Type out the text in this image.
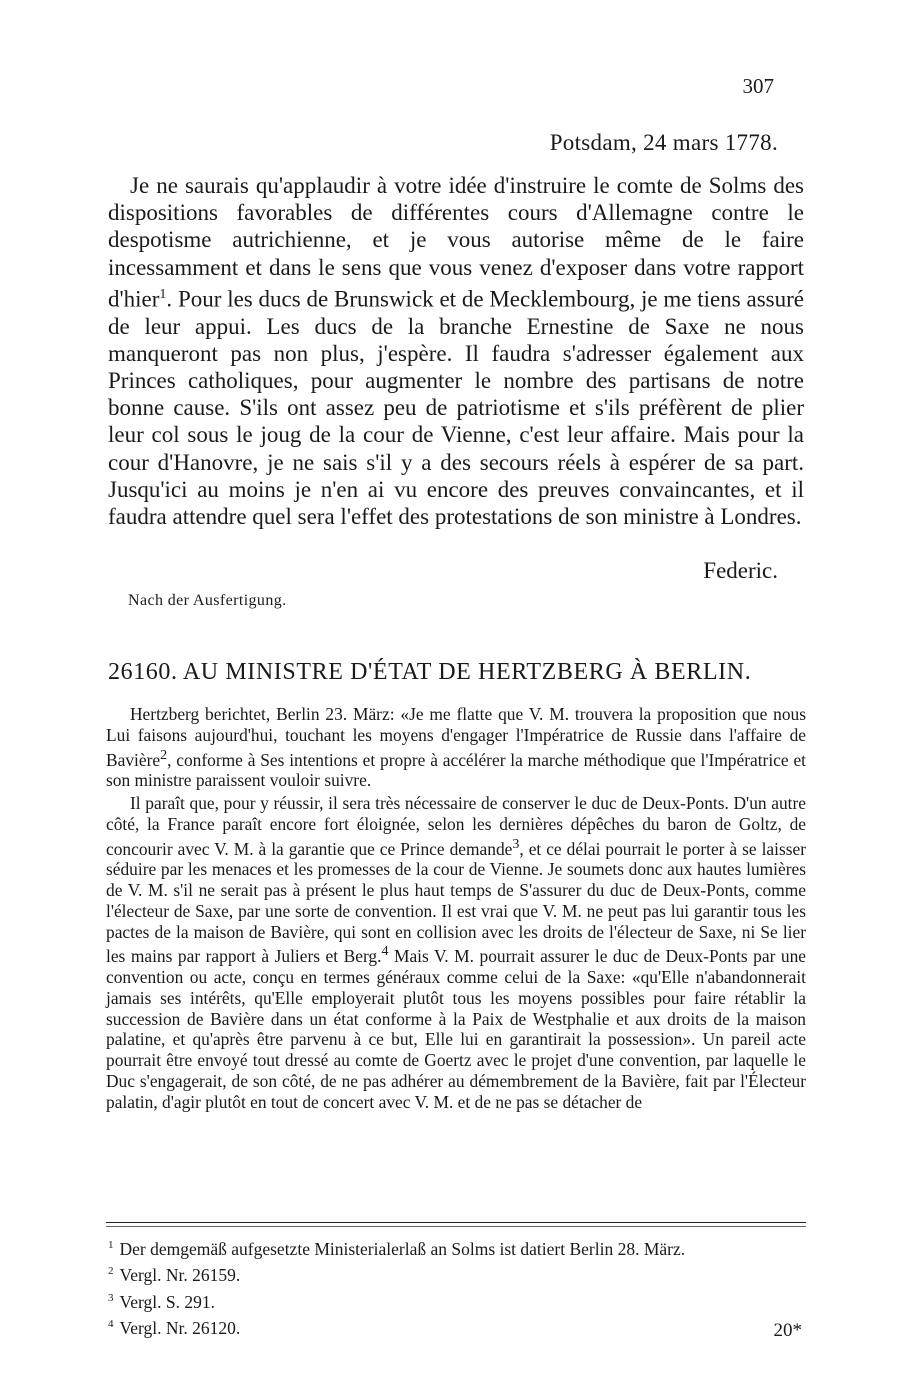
307
Potsdam, 24 mars 1778.

Je ne saurais qu'applaudir à votre idée d'instruire le comte de Solms des dispositions favorables de différentes cours d'Allemagne contre le despotisme autrichienne, et je vous autorise même de le faire incessamment et dans le sens que vous venez d'exposer dans votre rapport d'hier$^1$. Pour les ducs de Brunswick et de Mecklembourg, je me tiens assuré de leur appui. Les ducs de la branche Ernestine de Saxe ne nous manqueront pas non plus, j'espère. Il faudra s'adresser également aux Princes catholiques, pour augmenter le nombre des partisans de notre bonne cause. S'ils ont assez peu de patriotisme et s'ils préfèrent de plier leur col sous le joug de la cour de Vienne, c'est leur affaire. Mais pour la cour d'Hanovre, je ne sais s'il y a des secours réels à espérer de sa part. Jusqu'ici au moins je n'en ai vu encore des preuves convaincantes, et il faudra attendre quel sera l'effet des protestations de son ministre à Londres.

Federic.
Nach der Ausfertigung.
26160. AU MINISTRE D'ÉTAT DE HERTZBERG À BERLIN.

Hertzberg berichtet, Berlin 23. März: «Je me flatte que V. M. trouvera la proposition que nous Lui faisons aujourd'hui, touchant les moyens d'engager l'Impératrice de Russie dans l'affaire de Bavière$^2$, conforme à Ses intentions et propre à accélérer la marche méthodique que l'Impératrice et son ministre paraissent vouloir suivre.

Il paraît que, pour y réussir, il sera très nécessaire de conserver le duc de Deux-Ponts. D'un autre côté, la France paraît encore fort éloignée, selon les dernières dépêches du baron de Goltz, de concourir avec V. M. à la garantie que ce Prince demande$^3$, et ce délai pourrait le porter à se laisser séduire par les menaces et les promesses de la cour de Vienne. Je soumets donc aux hautes lumières de V. M. s'il ne serait pas à présent le plus haut temps de S'assurer du duc de Deux-Ponts, comme l'électeur de Saxe, par une sorte de convention. Il est vrai que V. M. ne peut pas lui garantir tous les pactes de la maison de Bavière, qui sont en collision avec les droits de l'électeur de Saxe, ni Se lier les mains par rapport à Juliers et Berg.$^4$ Mais V. M. pourrait assurer le duc de Deux-Ponts par une convention ou acte, conçu en termes généraux comme celui de la Saxe: «qu'Elle n'abandonnerait jamais ses intérêts, qu'Elle employerait plutôt tous les moyens possibles pour faire rétablir la succession de Bavière dans un état conforme à la Paix de Westphalie et aux droits de la maison palatine, et qu'après être parvenu à ce but, Elle lui en garantirait la possession». Un pareil acte pourrait être envoyé tout dressé au comte de Goertz avec le projet d'une convention, par laquelle le Duc s'engagerait, de son côté, de ne pas adhérer au démembrement de la Bavière, fait par l'Électeur palatin, d'agir plutôt en tout de concert avec V. M. et de ne pas se détacher de

$^1$ Der demgemäß aufgesetzte Ministerialerlaß an Solms ist datiert Berlin 28. März.
$^2$ Vergl. Nr. 26159.
$^3$ Vergl. S. 291.
$^4$ Vergl. Nr. 26120.	20*
